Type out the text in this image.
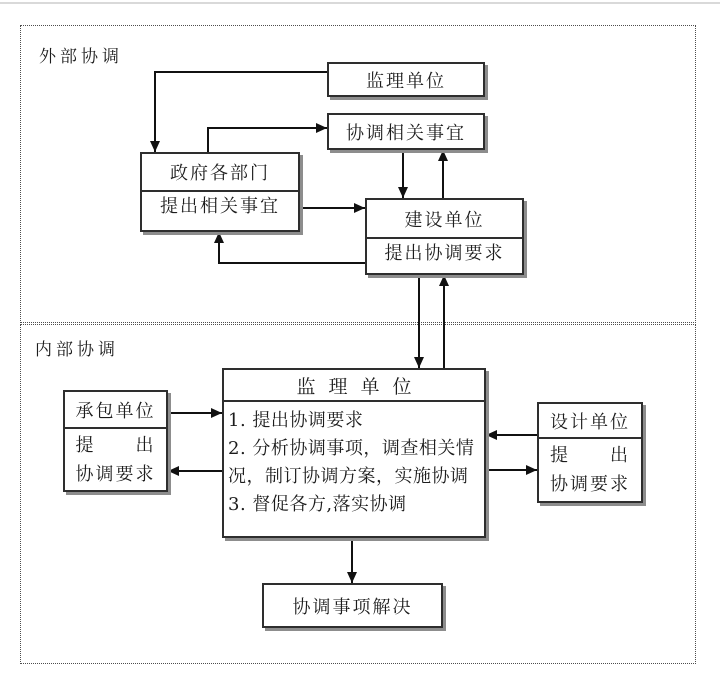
外部协调
内部协调
监理单位
协调相关事宜
政府各部门
提出相关事宜
建设单位
提出协调要求
承包单位
提　　出
协调要求
监理单位
1. 提出协调要求
2. 分析协调事项，调查相关情
况，制订协调方案，实施协调
3. 督促各方,落实协调
设计单位
提　　出
协调要求
协调事项解决
